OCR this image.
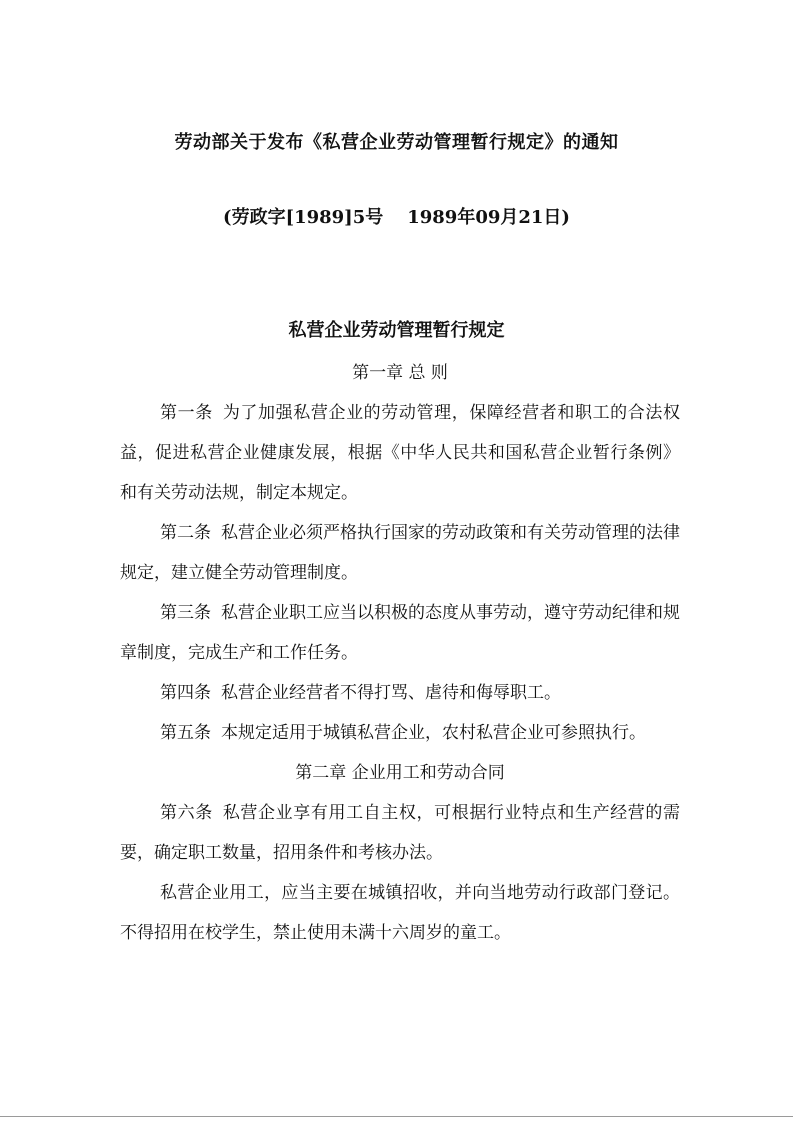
劳动部关于发布《私营企业劳动管理暂行规定》的通知
(劳政字[1989]5号 1989年09月21日)
私营企业劳动管理暂行规定

第一章 总 则

第一条 为了加强私营企业的劳动管理，保障经营者和职工的合法权益，促进私营企业健康发展，根据《中华人民共和国私营企业暂行条例》和有关劳动法规，制定本规定。

第二条 私营企业必须严格执行国家的劳动政策和有关劳动管理的法律规定，建立健全劳动管理制度。

第三条 私营企业职工应当以积极的态度从事劳动，遵守劳动纪律和规章制度，完成生产和工作任务。

第四条 私营企业经营者不得打骂、虐待和侮辱职工。

第五条 本规定适用于城镇私营企业，农村私营企业可参照执行。

第二章 企业用工和劳动合同

第六条 私营企业享有用工自主权，可根据行业特点和生产经营的需要，确定职工数量，招用条件和考核办法。

私营企业用工，应当主要在城镇招收，并向当地劳动行政部门登记。不得招用在校学生，禁止使用未满十六周岁的童工。
